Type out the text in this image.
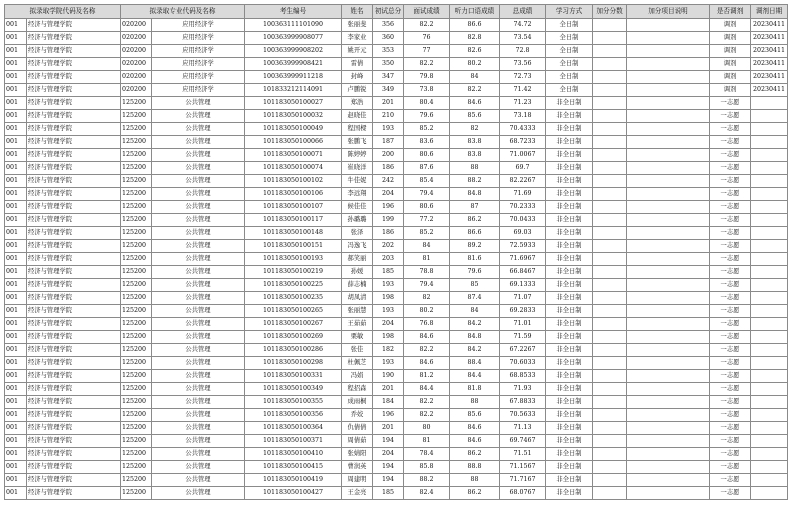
拟录取学院代码及名称		拟录取专业代码及名称		考生编号	姓名	初试总分	面试成绩	听力口语成绩	总成绩	学习方式	加分分数	加分项目说明	是否调剂	调剂日期
001	经济与管理学院	020200	应用经济学	100363111101090	张丽斐	356	82.2	86.6	74.72	全日制			调剂	20230411
001	经济与管理学院	020200	应用经济学	100363999908077	李家业	360	76	82.8	73.54	全日制			调剂	20230411
001	经济与管理学院	020200	应用经济学	100363999908202	姚开元	353	77	82.6	72.8	全日制			调剂	20230411
001	经济与管理学院	020200	应用经济学	100363999908421	雷倩	350	82.2	80.2	73.56	全日制			调剂	20230411
001	经济与管理学院	020200	应用经济学	100363999911218	封峰	347	79.8	84	72.73	全日制			调剂	20230411
001	经济与管理学院	020200	应用经济学	101833212114091	卢鹏锐	349	73.8	82.2	71.42	全日制			调剂	20230411
001	经济与管理学院	125200	公共管理	101183050100027	郑浩	201	80.4	84.6	71.23	非全日制			一志愿	
001	经济与管理学院	125200	公共管理	101183050100032	赵晓佳	210	79.6	85.6	73.18	非全日制			一志愿	
001	经济与管理学院	125200	公共管理	101183050100049	程国樑	193	85.2	82	70.4333	非全日制			一志愿	
001	经济与管理学院	125200	公共管理	101183050100066	张鹏飞	187	83.6	83.8	68.7233	非全日制			一志愿	
001	经济与管理学院	125200	公共管理	101183050100071	陈婷婷	200	80.6	83.8	71.0067	非全日制			一志愿	
001	经济与管理学院	125200	公共管理	101183050100074	崔晓洋	186	87.6	88	69.7	非全日制			一志愿	
001	经济与管理学院	125200	公共管理	101183050100102	牛佳妮	242	85.4	88.2	82.2267	非全日制			一志愿	
001	经济与管理学院	125200	公共管理	101183050100106	李远翔	204	79.4	84.8	71.69	非全日制			一志愿	
001	经济与管理学院	125200	公共管理	101183050100107	候佳佳	196	80.6	87	70.2333	非全日制			一志愿	
001	经济与管理学院	125200	公共管理	101183050100117	孙璐璐	199	77.2	86.2	70.0433	非全日制			一志愿	
001	经济与管理学院	125200	公共管理	101183050100148	张泽	186	85.2	86.6	69.03	非全日制			一志愿	
001	经济与管理学院	125200	公共管理	101183050100151	冯逸飞	202	84	89.2	72.5933	非全日制			一志愿	
001	经济与管理学院	125200	公共管理	101183050100193	郝笑丽	203	81	81.6	71.6967	非全日制			一志愿	
001	经济与管理学院	125200	公共管理	101183050100219	孙媛	185	78.8	79.6	66.8467	非全日制			一志愿	
001	经济与管理学院	125200	公共管理	101183050100225	薛志楠	193	79.4	85	69.1333	非全日制			一志愿	
001	经济与管理学院	125200	公共管理	101183050100235	胡凤清	198	82	87.4	71.07	非全日制			一志愿	
001	经济与管理学院	125200	公共管理	101183050100265	张丽慧	193	80.2	84	69.2833	非全日制			一志愿	
001	经济与管理学院	125200	公共管理	101183050100267	王茹茹	204	76.8	84.2	71.01	非全日制			一志愿	
001	经济与管理学院	125200	公共管理	101183050100269	栗敏	198	84.6	84.8	71.59	非全日制			一志愿	
001	经济与管理学院	125200	公共管理	101183050100286	张佳	182	82.2	84.2	67.2267	非全日制			一志愿	
001	经济与管理学院	125200	公共管理	101183050100298	杜佩芝	193	84.6	88.4	70.6033	非全日制			一志愿	
001	经济与管理学院	125200	公共管理	101183050100331	冯娟	190	81.2	84.4	68.8533	非全日制			一志愿	
001	经济与管理学院	125200	公共管理	101183050100349	程招森	201	84.4	81.8	71.93	非全日制			一志愿	
001	经济与管理学院	125200	公共管理	101183050100355	成雨桐	184	82.2	88	67.8833	非全日制			一志愿	
001	经济与管理学院	125200	公共管理	101183050100356	乔姣	196	82.2	85.6	70.5633	非全日制			一志愿	
001	经济与管理学院	125200	公共管理	101183050100364	仇倩倩	201	80	84.6	71.13	非全日制			一志愿	
001	经济与管理学院	125200	公共管理	101183050100371	周倩茹	194	81	84.6	69.7467	非全日制			一志愿	
001	经济与管理学院	125200	公共管理	101183050100410	张婧阳	204	78.4	86.2	71.51	非全日制			一志愿	
001	经济与管理学院	125200	公共管理	101183050100415	曹润英	194	85.8	88.8	71.1567	非全日制			一志愿	
001	经济与管理学院	125200	公共管理	101183050100419	周建明	194	88.2	88	71.7167	非全日制			一志愿	
001	经济与管理学院	125200	公共管理	101183050100427	王金亮	185	82.4	86.2	68.0767	非全日制			一志愿	
